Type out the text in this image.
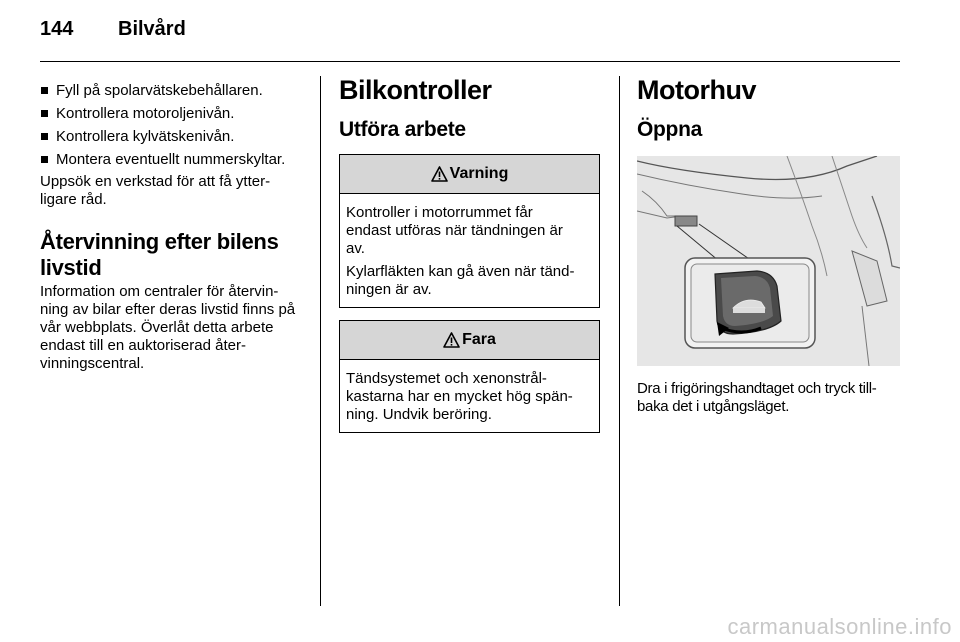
144 Bilvård
Fyll på spolarvätskebehållaren.
Kontrollera motoroljenivån.
Kontrollera kylvätskenivån.
Montera eventuellt nummerskyltar.

Uppsök en verkstad för att få ytter-
ligare råd.

Återvinning efter bilens
livstid

Information om centraler för återvin-
ning av bilar efter deras livstid finns på
vår webbplats. Överlåt detta arbete
endast till en auktoriserad åter-
vinningscentral.

Bilkontroller
Utföra arbete
Varning

Kontroller i motorrummet får
endast utföras när tändningen är
av.

Kylarfläkten kan gå även när tänd-
ningen är av.

Fara

Tändsystemet och xenonstrål-
kastarna har en mycket hög spän-
ning. Undvik beröring.

Motorhuv
Öppna
Dra i frigöringshandtaget och tryck till-
baka det i utgångsläget.
carmanualsonline.info
